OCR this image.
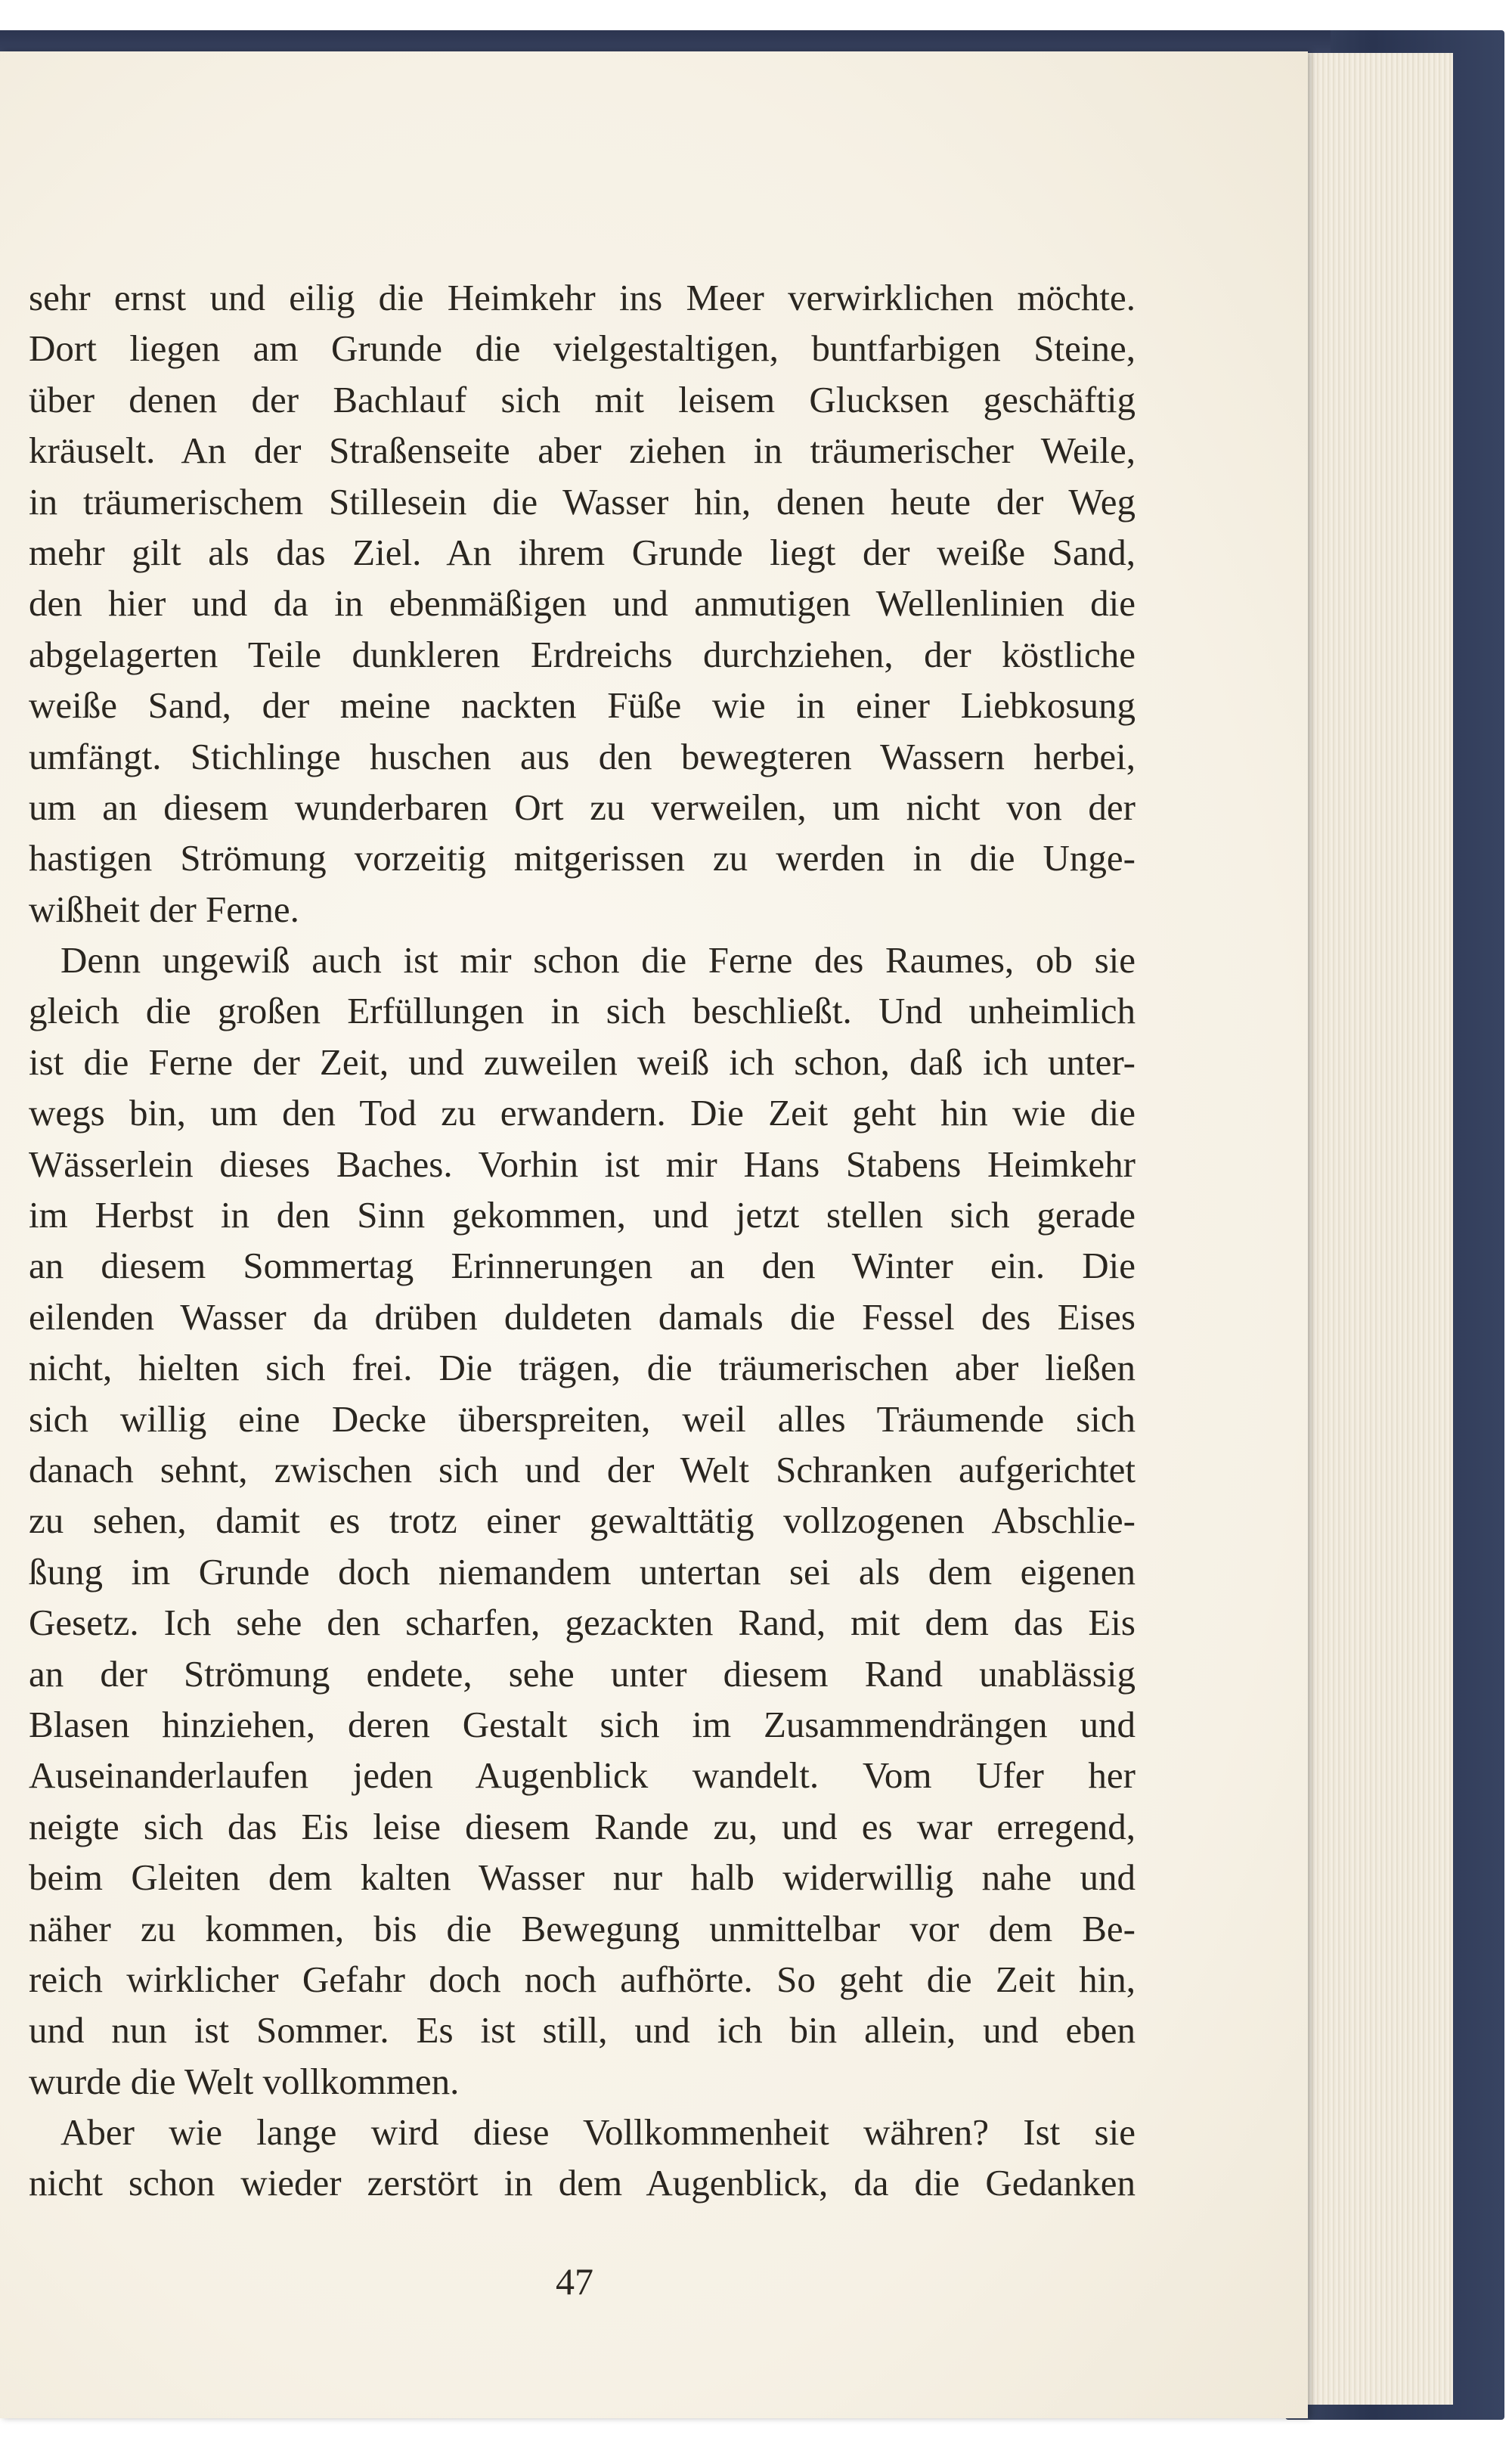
sehr ernst und eilig die Heimkehr ins Meer verwirklichen möchte.
Dort liegen am Grunde die vielgestaltigen, buntfarbigen Steine,
über denen der Bachlauf sich mit leisem Glucksen geschäftig
kräuselt. An der Straßenseite aber ziehen in träumerischer Weile,
in träumerischem Stillesein die Wasser hin, denen heute der Weg
mehr gilt als das Ziel. An ihrem Grunde liegt der weiße Sand,
den hier und da in ebenmäßigen und anmutigen Wellenlinien die
abgelagerten Teile dunkleren Erdreichs durchziehen, der köstliche
weiße Sand, der meine nackten Füße wie in einer Liebkosung
umfängt. Stichlinge huschen aus den bewegteren Wassern herbei,
um an diesem wunderbaren Ort zu verweilen, um nicht von der
hastigen Strömung vorzeitig mitgerissen zu werden in die Unge-
wißheit der Ferne.
Denn ungewiß auch ist mir schon die Ferne des Raumes, ob sie
gleich die großen Erfüllungen in sich beschließt. Und unheimlich
ist die Ferne der Zeit, und zuweilen weiß ich schon, daß ich unter-
wegs bin, um den Tod zu erwandern. Die Zeit geht hin wie die
Wässerlein dieses Baches. Vorhin ist mir Hans Stabens Heimkehr
im Herbst in den Sinn gekommen, und jetzt stellen sich gerade
an diesem Sommertag Erinnerungen an den Winter ein. Die
eilenden Wasser da drüben duldeten damals die Fessel des Eises
nicht, hielten sich frei. Die trägen, die träumerischen aber ließen
sich willig eine Decke überspreiten, weil alles Träumende sich
danach sehnt, zwischen sich und der Welt Schranken aufgerichtet
zu sehen, damit es trotz einer gewalttätig vollzogenen Abschlie-
ßung im Grunde doch niemandem untertan sei als dem eigenen
Gesetz. Ich sehe den scharfen, gezackten Rand, mit dem das Eis
an der Strömung endete, sehe unter diesem Rand unablässig
Blasen hinziehen, deren Gestalt sich im Zusammendrängen und
Auseinanderlaufen jeden Augenblick wandelt. Vom Ufer her
neigte sich das Eis leise diesem Rande zu, und es war erregend,
beim Gleiten dem kalten Wasser nur halb widerwillig nahe und
näher zu kommen, bis die Bewegung unmittelbar vor dem Be-
reich wirklicher Gefahr doch noch aufhörte. So geht die Zeit hin,
und nun ist Sommer. Es ist still, und ich bin allein, und eben
wurde die Welt vollkommen.
Aber wie lange wird diese Vollkommenheit währen? Ist sie
nicht schon wieder zerstört in dem Augenblick, da die Gedanken
47
